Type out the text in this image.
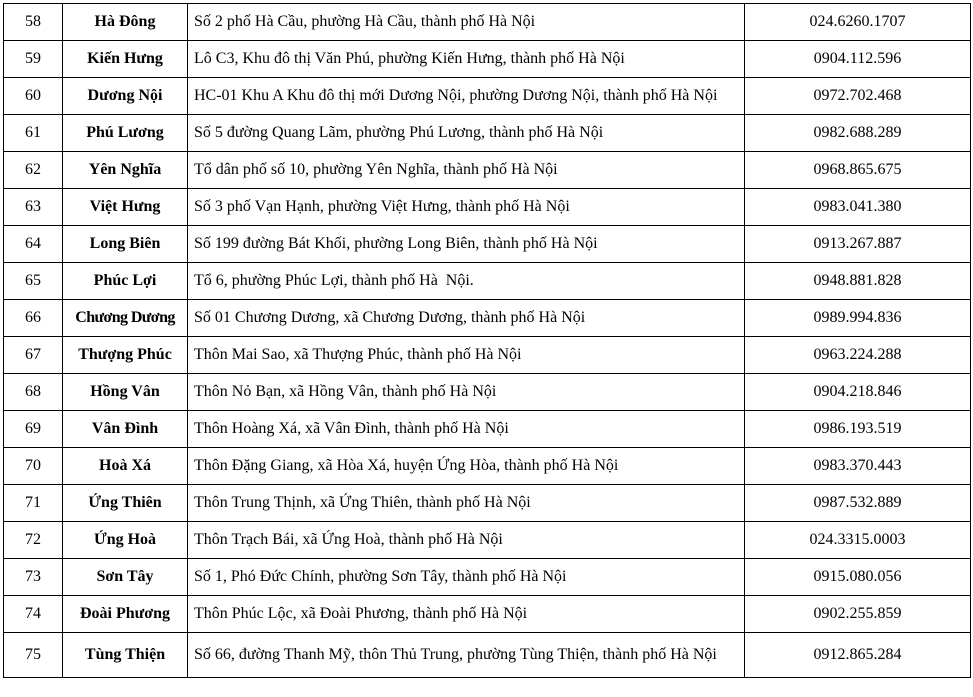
58	Hà Đông	Số 2 phố Hà Cầu, phường Hà Cầu, thành phố Hà Nội	024.6260.1707
59	Kiến Hưng	Lô C3, Khu đô thị Văn Phú, phường Kiến Hưng, thành phố Hà Nội	0904.112.596
60	Dương Nội	HC-01 Khu A Khu đô thị mới Dương Nội, phường Dương Nội, thành phố Hà Nội	0972.702.468
61	Phú Lương	Số 5 đường Quang Lãm, phường Phú Lương, thành phố Hà Nội	0982.688.289
62	Yên Nghĩa	Tổ dân phố số 10, phường Yên Nghĩa, thành phố Hà Nội	0968.865.675
63	Việt Hưng	Số 3 phố Vạn Hạnh, phường Việt Hưng, thành phố Hà Nội	0983.041.380
64	Long Biên	Số 199 đường Bát Khối, phường Long Biên, thành phố Hà Nội	0913.267.887
65	Phúc Lợi	Tổ 6, phường Phúc Lợi, thành phố Hà  Nội.	0948.881.828
66	Chương Dương	Số 01 Chương Dương, xã Chương Dương, thành phố Hà Nội	0989.994.836
67	Thượng Phúc	Thôn Mai Sao, xã Thượng Phúc, thành phố Hà Nội	0963.224.288
68	Hồng Vân	Thôn Nỏ Bạn, xã Hồng Vân, thành phố Hà Nội	0904.218.846
69	Vân Đình	Thôn Hoàng Xá, xã Vân Đình, thành phố Hà Nội	0986.193.519
70	Hoà Xá	Thôn Đặng Giang, xã Hòa Xá, huyện Ứng Hòa, thành phố Hà Nội	0983.370.443
71	Ứng Thiên	Thôn Trung Thịnh, xã Ứng Thiên, thành phố Hà Nội	0987.532.889
72	Ứng Hoà	Thôn Trạch Bái, xã Ứng Hoà, thành phố Hà Nội	024.3315.0003
73	Sơn Tây	Số 1, Phó Đức Chính, phường Sơn Tây, thành phố Hà Nội	0915.080.056
74	Đoài Phương	Thôn Phúc Lộc, xã Đoài Phương, thành phố Hà Nội	0902.255.859
75	Tùng Thiện	Số 66, đường Thanh Mỹ, thôn Thủ Trung, phường Tùng Thiện, thành phố Hà Nội	0912.865.284
